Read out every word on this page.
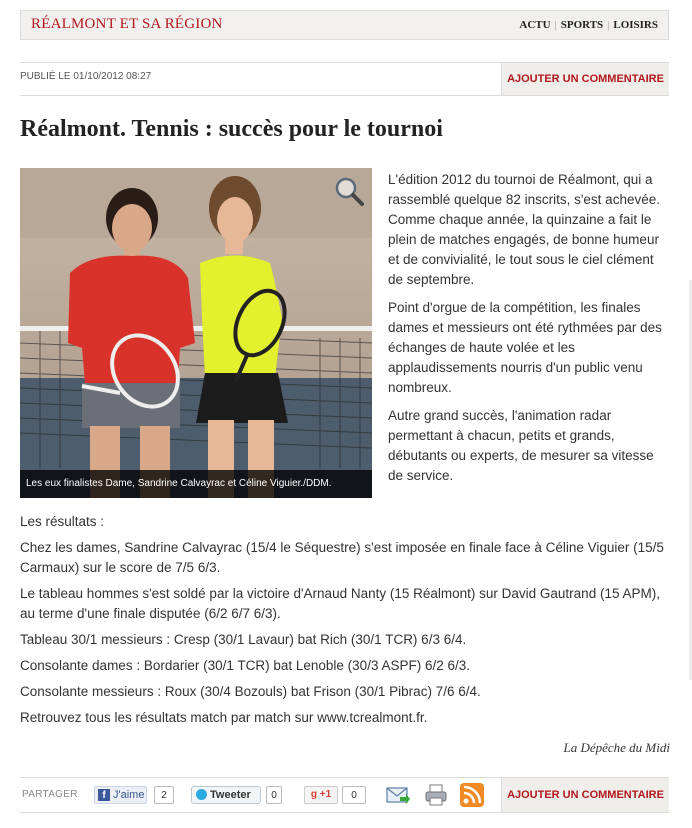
RÉALMONT ET SA RÉGION	ACTU | SPORTS | LOISIRS
PUBLIÉ LE 01/10/2012 08:27	AJOUTER UN COMMENTAIRE
Réalmont. Tennis : succès pour le tournoi
Les eux finalistes Dame, Sandrine Calvayrac et Céline Viguier./DDM.

L'édition 2012 du tournoi de Réalmont, qui a rassemblé quelque 82 inscrits, s'est achevée. Comme chaque année, la quinzaine a fait le plein de matches engagés, de bonne humeur et de convivialité, le tout sous le ciel clément de septembre.

Point d'orgue de la compétition, les finales dames et messieurs ont été rythmées par des échanges de haute volée et les applaudissements nourris d'un public venu nombreux.

Autre grand succès, l'animation radar permettant à chacun, petits et grands, débutants ou experts, de mesurer sa vitesse de service.

Les résultats :

Chez les dames, Sandrine Calvayrac (15/4 le Séquestre) s'est imposée en finale face à Céline Viguier (15/5 Carmaux) sur le score de 7/5 6/3.

Le tableau hommes s'est soldé par la victoire d'Arnaud Nanty (15 Réalmont) sur David Gautrand (15 APM), au terme d'une finale disputée (6/2 6/7 6/3).

Tableau 30/1 messieurs : Cresp (30/1 Lavaur) bat Rich (30/1 TCR) 6/3 6/4.

Consolante dames : Bordarier (30/1 TCR) bat Lenoble (30/3 ASPF) 6/2 6/3.

Consolante messieurs : Roux (30/4 Bozouls) bat Frison (30/1 Pibrac) 7/6 6/4.

Retrouvez tous les résultats match par match sur www.tcrealmont.fr.

La Dépêche du Midi
PARTAGER	f J'aime	2	Tweeter	0	g +1	0	AJOUTER UN COMMENTAIRE
